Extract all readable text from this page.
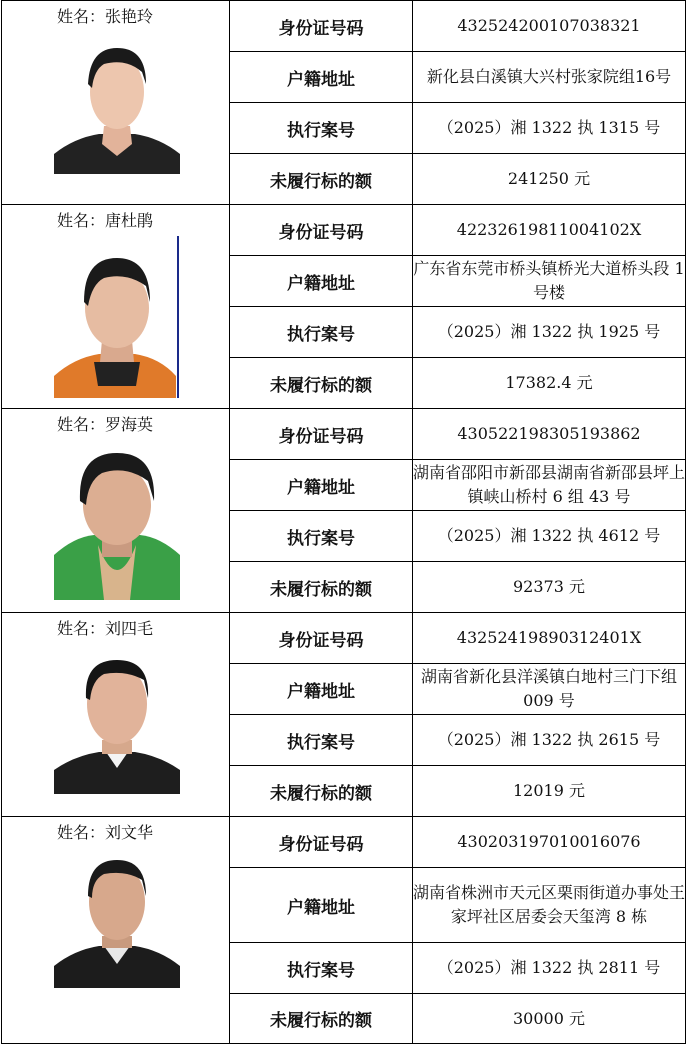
姓名：张艳玲	身份证号码	432524200107038321
	户籍地址	新化县白溪镇大兴村张家院组16号
	执行案号	（2025）湘 1322 执 1315 号
	未履行标的额	241250 元

姓名：唐杜鹃	身份证号码	42232619811004102X
	户籍地址	广东省东莞市桥头镇桥光大道桥头段 1 号楼
	执行案号	（2025）湘 1322 执 1925 号
	未履行标的额	17382.4 元

姓名：罗海英	身份证号码	430522198305193862
	户籍地址	湖南省邵阳市新邵县湖南省新邵县坪上镇峡山桥村 6 组 43 号
	执行案号	（2025）湘 1322 执 4612 号
	未履行标的额	92373 元

姓名：刘四毛	身份证号码	43252419890312401X
	户籍地址	湖南省新化县洋溪镇白地村三门下组 009 号
	执行案号	（2025）湘 1322 执 2615 号
	未履行标的额	12019 元

姓名：刘文华	身份证号码	430203197010016076
	户籍地址	湖南省株洲市天元区栗雨街道办事处王家坪社区居委会天玺湾 8 栋
	执行案号	（2025）湘 1322 执 2811 号
	未履行标的额	30000 元
